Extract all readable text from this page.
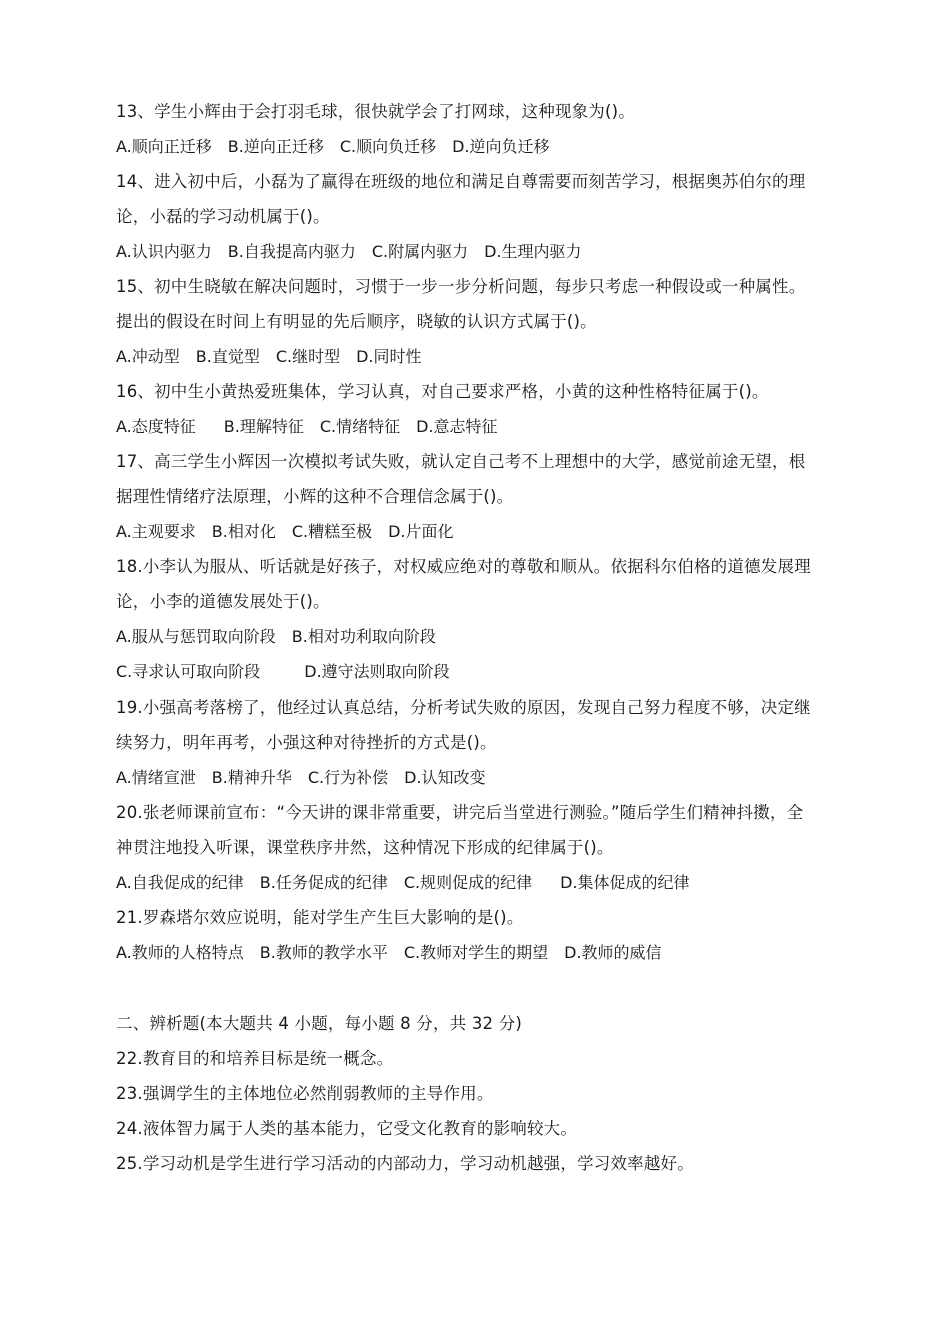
13、学生小辉由于会打羽毛球，很快就学会了打网球，这种现象为()。
A.顺向正迁移 B.逆向正迁移 C.顺向负迁移 D.逆向负迁移
14、进入初中后，小磊为了赢得在班级的地位和满足自尊需要而刻苦学习，根据奥苏伯尔的理
论，小磊的学习动机属于()。
A.认识内驱力 B.自我提高内驱力 C.附属内驱力 D.生理内驱力
15、初中生晓敏在解决问题时，习惯于一步一步分析问题，每步只考虑一种假设或一种属性。
提出的假设在时间上有明显的先后顺序，晓敏的认识方式属于()。
A.冲动型 B.直觉型 C.继时型 D.同时性
16、初中生小黄热爱班集体，学习认真，对自己要求严格，小黄的这种性格特征属于()。
A.态度特征 B.理解特征 C.情绪特征 D.意志特征
17、高三学生小辉因一次模拟考试失败，就认定自己考不上理想中的大学，感觉前途无望，根
据理性情绪疗法原理，小辉的这种不合理信念属于()。
A.主观要求 B.相对化 C.糟糕至极 D.片面化
18.小李认为服从、听话就是好孩子，对权威应绝对的尊敬和顺从。依据科尔伯格的道德发展理
论，小李的道德发展处于()。
A.服从与惩罚取向阶段 B.相对功利取向阶段
C.寻求认可取向阶段	D.遵守法则取向阶段
19.小强高考落榜了，他经过认真总结，分析考试失败的原因，发现自己努力程度不够，决定继
续努力，明年再考，小强这种对待挫折的方式是()。
A.情绪宣泄 B.精神升华 C.行为补偿 D.认知改变
20.张老师课前宣布：“今天讲的课非常重要，讲完后当堂进行测验。”随后学生们精神抖擞，全
神贯注地投入听课，课堂秩序井然，这种情况下形成的纪律属于()。
A.自我促成的纪律 B.任务促成的纪律 C.规则促成的纪律 D.集体促成的纪律
21.罗森塔尔效应说明，能对学生产生巨大影响的是()。
A.教师的人格特点 B.教师的教学水平 C.教师对学生的期望 D.教师的威信
二、辨析题(本大题共 4 小题，每小题 8 分，共 32 分)
22.教育目的和培养目标是统一概念。
23.强调学生的主体地位必然削弱教师的主导作用。
24.液体智力属于人类的基本能力，它受文化教育的影响较大。
25.学习动机是学生进行学习活动的内部动力，学习动机越强，学习效率越好。
